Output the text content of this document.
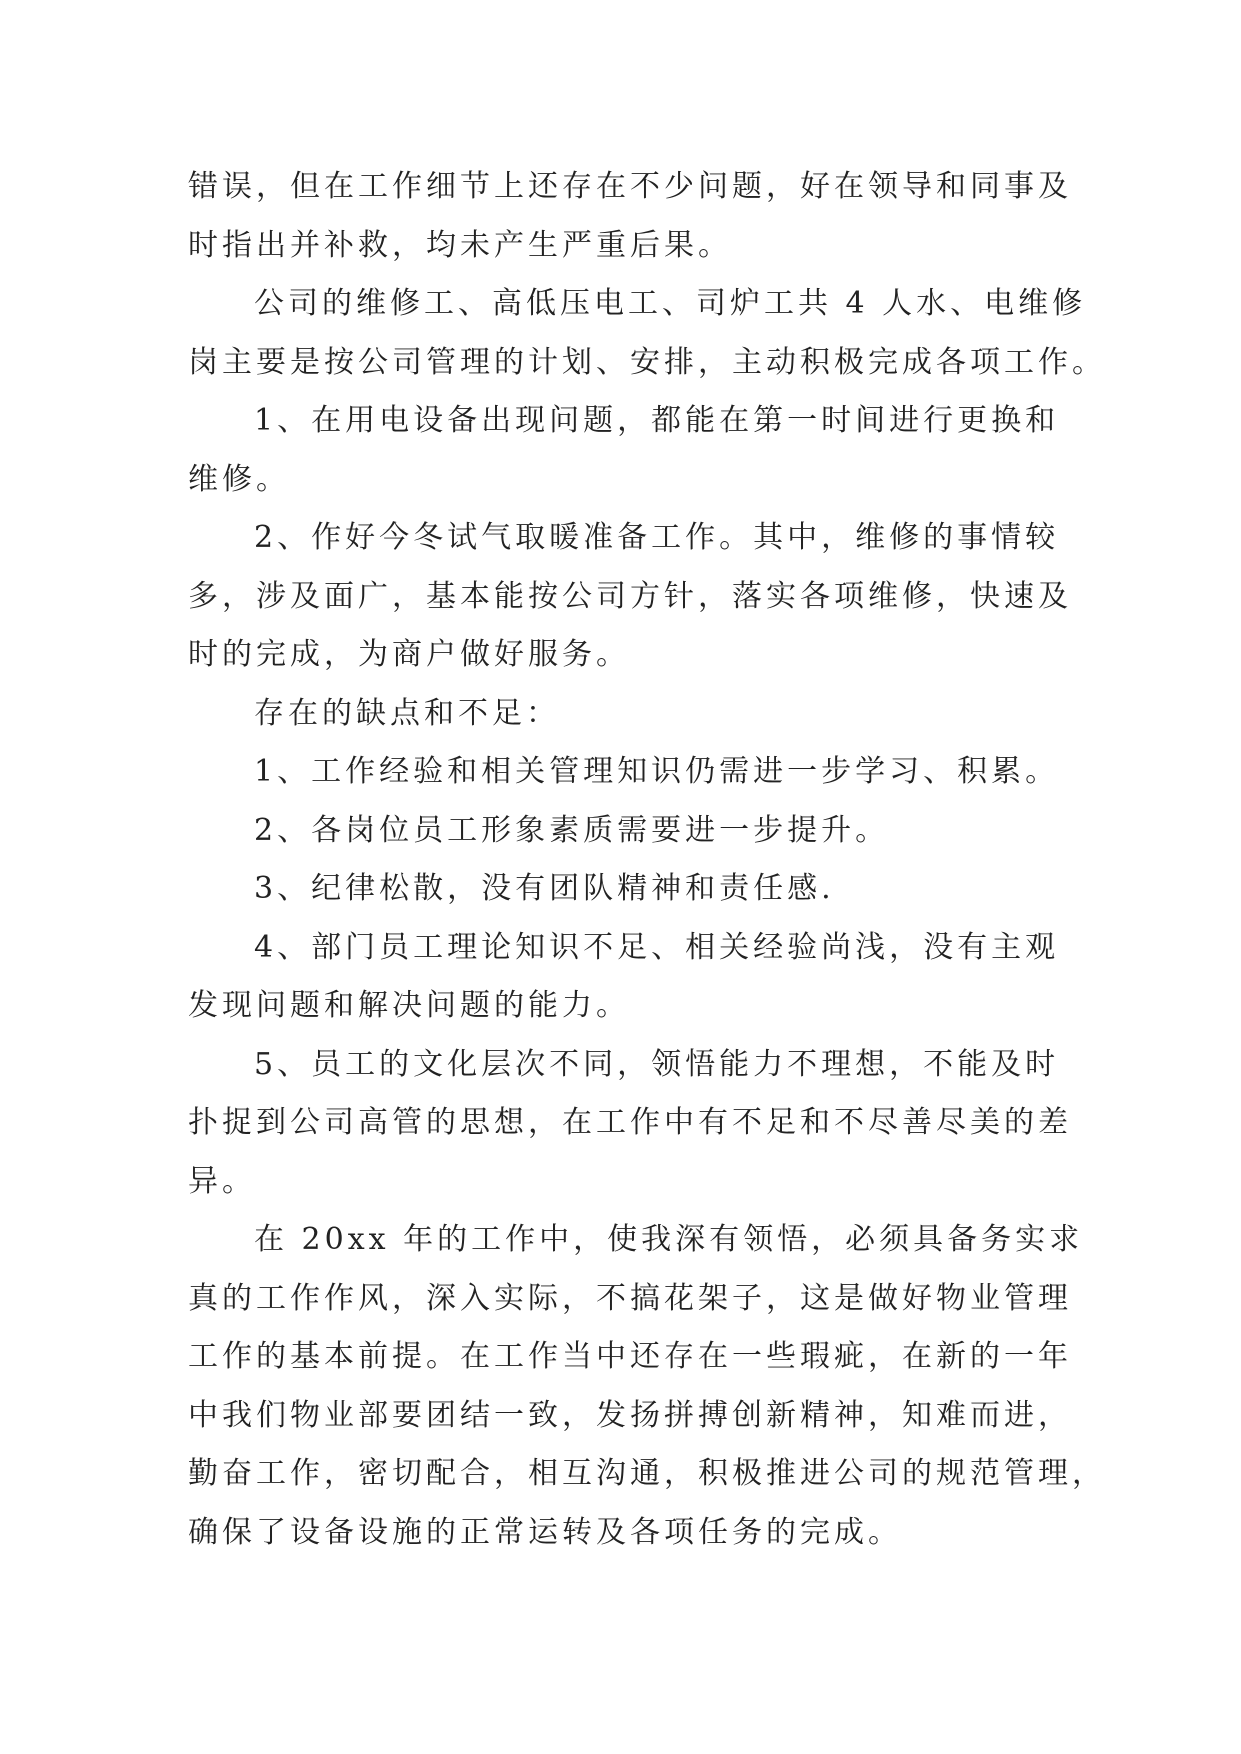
错误，但在工作细节上还存在不少问题，好在领导和同事及
时指出并补救，均未产生严重后果。
公司的维修工、高低压电工、司炉工共 4 人水、电维修
岗主要是按公司管理的计划、安排，主动积极完成各项工作。
1、在用电设备出现问题，都能在第一时间进行更换和
维修。
2、作好今冬试气取暖准备工作。其中，维修的事情较
多，涉及面广，基本能按公司方针，落实各项维修，快速及
时的完成，为商户做好服务。
存在的缺点和不足：
1、工作经验和相关管理知识仍需进一步学习、积累。
2、各岗位员工形象素质需要进一步提升。
3、纪律松散，没有团队精神和责任感.
4、部门员工理论知识不足、相关经验尚浅，没有主观
发现问题和解决问题的能力。
5、员工的文化层次不同，领悟能力不理想，不能及时
扑捉到公司高管的思想，在工作中有不足和不尽善尽美的差
异。
在 20xx 年的工作中，使我深有领悟，必须具备务实求
真的工作作风，深入实际，不搞花架子，这是做好物业管理
工作的基本前提。在工作当中还存在一些瑕疵，在新的一年
中我们物业部要团结一致，发扬拼搏创新精神，知难而进，
勤奋工作，密切配合，相互沟通，积极推进公司的规范管理，
确保了设备设施的正常运转及各项任务的完成。
